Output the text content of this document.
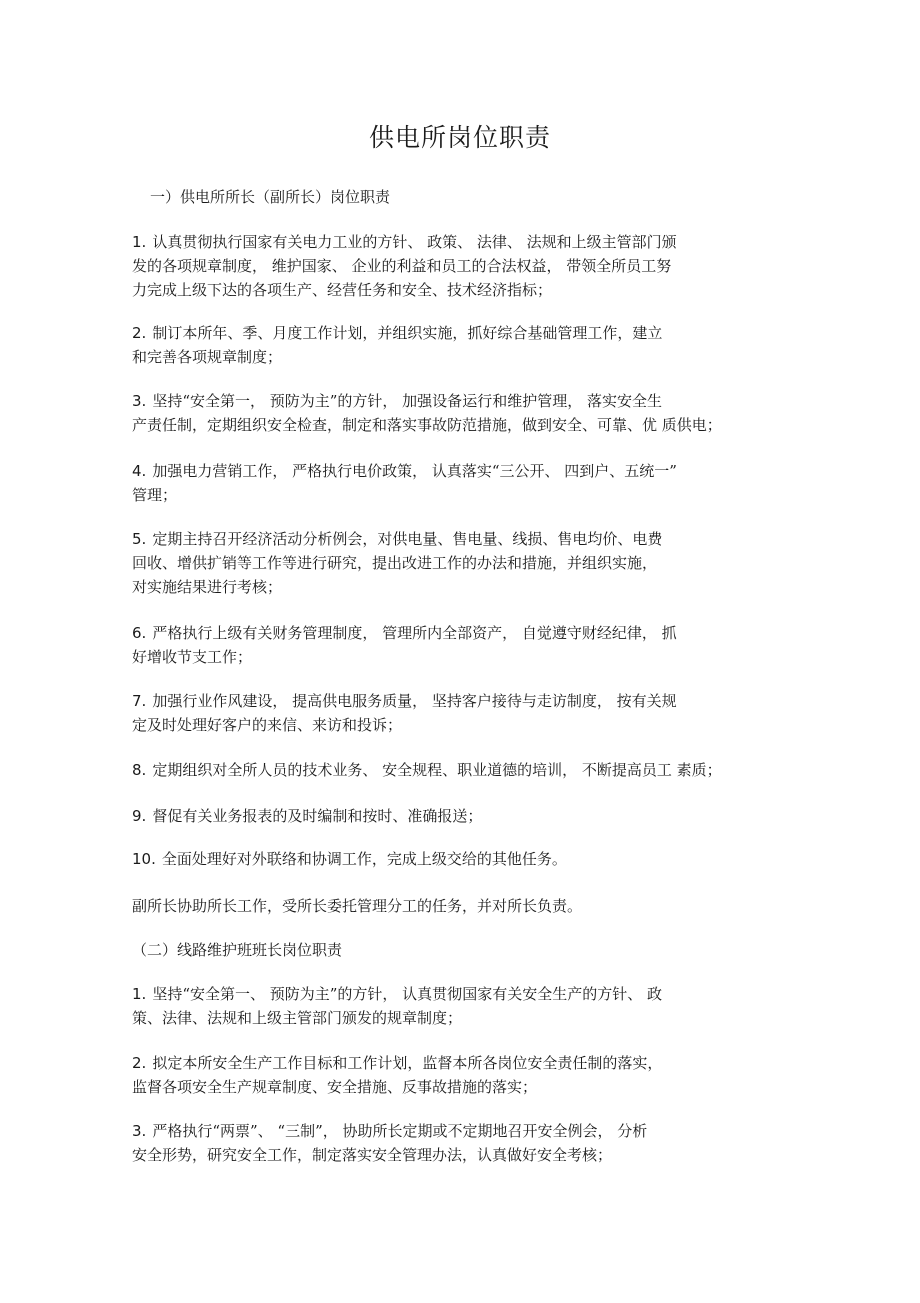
供电所岗位职责
一）供电所所长（副所长）岗位职责
1. 认真贯彻执行国家有关电力工业的方针、 政策、 法律、 法规和上级主管部门颁
发的各项规章制度， 维护国家、 企业的利益和员工的合法权益， 带领全所员工努
力完成上级下达的各项生产、经营任务和安全、技术经济指标；
2. 制订本所年、季、月度工作计划，并组织实施，抓好综合基础管理工作，建立
和完善各项规章制度；
3. 坚持“安全第一， 预防为主”的方针， 加强设备运行和维护管理， 落实安全生
产责任制，定期组织安全检查，制定和落实事故防范措施，做到安全、可靠、优 质供电；
4. 加强电力营销工作， 严格执行电价政策， 认真落实“三公开、 四到户、五统一”
管理；
5. 定期主持召开经济活动分析例会，对供电量、售电量、线损、售电均价、电费
回收、增供扩销等工作等进行研究，提出改进工作的办法和措施，并组织实施，
对实施结果进行考核；
6. 严格执行上级有关财务管理制度， 管理所内全部资产， 自觉遵守财经纪律， 抓
好增收节支工作；
7. 加强行业作风建设， 提高供电服务质量， 坚持客户接待与走访制度， 按有关规
定及时处理好客户的来信、来访和投诉；
8. 定期组织对全所人员的技术业务、 安全规程、职业道德的培训， 不断提高员工 素质；
9. 督促有关业务报表的及时编制和按时、准确报送；
10. 全面处理好对外联络和协调工作，完成上级交给的其他任务。
副所长协助所长工作，受所长委托管理分工的任务，并对所长负责。
（二）线路维护班班长岗位职责
1. 坚持“安全第一、 预防为主”的方针， 认真贯彻国家有关安全生产的方针、 政
策、法律、法规和上级主管部门颁发的规章制度；
2. 拟定本所安全生产工作目标和工作计划，监督本所各岗位安全责任制的落实，
监督各项安全生产规章制度、安全措施、反事故措施的落实；
3. 严格执行“两票”、 “三制”， 协助所长定期或不定期地召开安全例会， 分析
安全形势，研究安全工作，制定落实安全管理办法，认真做好安全考核；
